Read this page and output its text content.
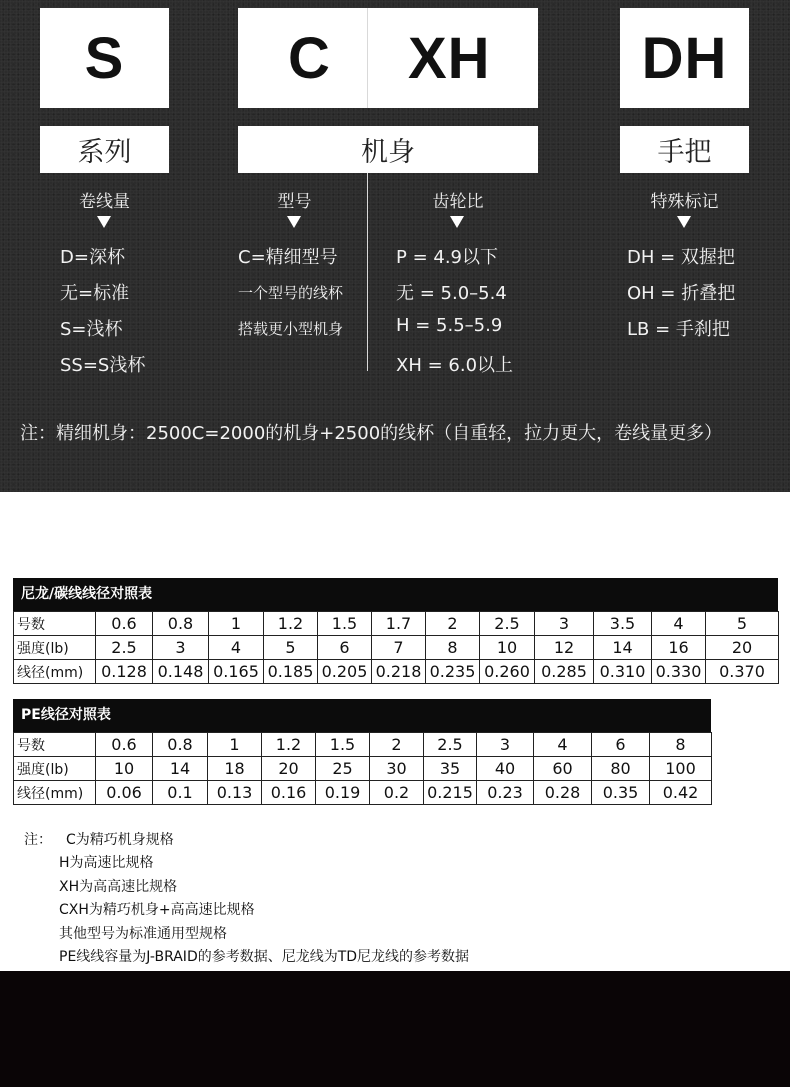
S	C XH	DH
系列	机身	手把
卷线量	型号	齿轮比	特殊标记
D=深杯
无=标准
S=浅杯
SS=S浅杯
C=精细型号
一个型号的线杯
搭载更小型机身
P = 4.9以下
无 = 5.0–5.4
H = 5.5–5.9
XH = 6.0以上
DH = 双握把
OH = 折叠把
LB = 手刹把
注：精细机身：2500C=2000的机身+2500的线杯（自重轻，拉力更大，卷线量更多）
尼龙/碳线线径对照表
号数	0.6	0.8	1	1.2	1.5	1.7	2	2.5	3	3.5	4	5
强度(lb)	2.5	3	4	5	6	7	8	10	12	14	16	20
线径(mm)	0.128	0.148	0.165	0.185	0.205	0.218	0.235	0.260	0.285	0.310	0.330	0.370
PE线径对照表
号数	0.6	0.8	1	1.2	1.5	2	2.5	3	4	6	8
强度(lb)	10	14	18	20	25	30	35	40	60	80	100
线径(mm)	0.06	0.1	0.13	0.16	0.19	0.2	0.215	0.23	0.28	0.35	0.42
注： C为精巧机身规格
H为高速比规格
XH为高高速比规格
CXH为精巧机身+高高速比规格
其他型号为标准通用型规格
PE线线容量为J-BRAID的参考数据、尼龙线为TD尼龙线的参考数据
